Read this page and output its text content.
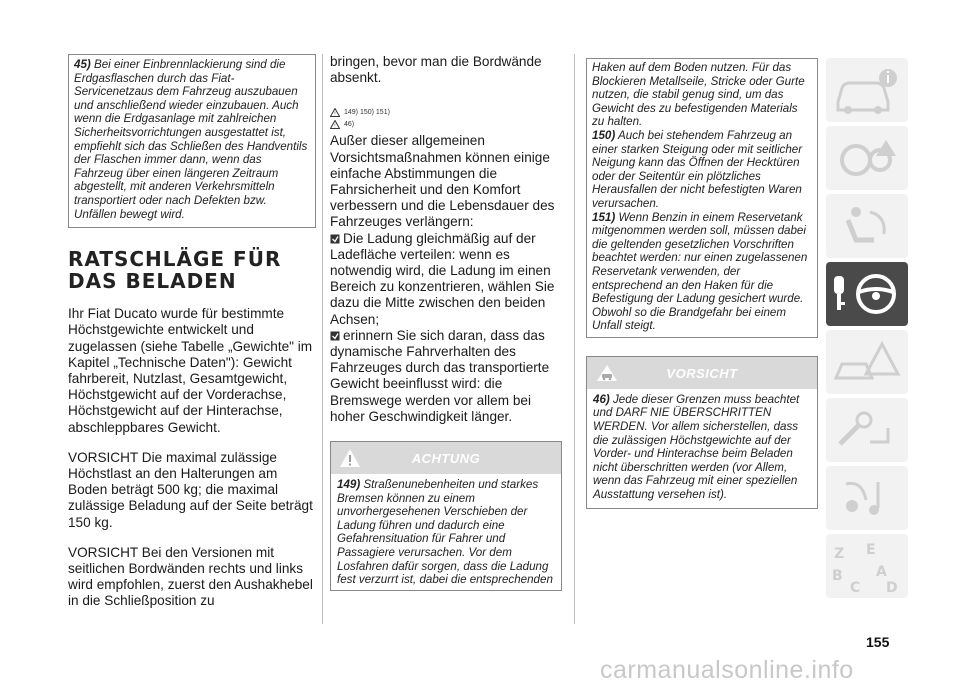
45) Bei einer Einbrennlackierung sind die Erdgasflaschen durch das Fiat-Servicenetzaus dem Fahrzeug auszubauen und anschließend wieder einzubauen. Auch wenn die Erdgasanlage mit zahlreichen Sicherheitsvorrichtungen ausgestattet ist, empfiehlt sich das Schließen des Handventils der Flaschen immer dann, wenn das Fahrzeug über einen längeren Zeitraum abgestellt, mit anderen Verkehrsmitteln transportiert oder nach Defekten bzw. Unfällen bewegt wird.
RATSCHLÄGE FÜR
DAS BELADEN
Ihr Fiat Ducato wurde für bestimmte Höchstgewichte entwickelt und zugelassen (siehe Tabelle „Gewichte" im Kapitel „Technische Daten"): Gewicht fahrbereit, Nutzlast, Gesamtgewicht, Höchstgewicht auf der Vorderachse, Höchstgewicht auf der Hinterachse, abschleppbares Gewicht.
VORSICHT Die maximal zulässige Höchstlast an den Halterungen am Boden beträgt 500 kg; die maximal zulässige Beladung auf der Seite beträgt 150 kg.
VORSICHT Bei den Versionen mit seitlichen Bordwänden rechts und links wird empfohlen, zuerst den Aushakhebel in die Schließposition zu
bringen, bevor man die Bordwände absenkt.
! 149) 150) 151)
! 46)
Außer dieser allgemeinen Vorsichtsmaßnahmen können einige einfache Abstimmungen die Fahrsicherheit und den Komfort verbessern und die Lebensdauer des Fahrzeuges verlängern:
Die Ladung gleichmäßig auf der Ladefläche verteilen: wenn es notwendig wird, die Ladung im einen Bereich zu konzentrieren, wählen Sie dazu die Mitte zwischen den beiden Achsen;
erinnern Sie sich daran, dass das dynamische Fahrverhalten des Fahrzeuges durch das transportierte Gewicht beeinflusst wird: die Bremswege werden vor allem bei hoher Geschwindigkeit länger.
ACHTUNG
149) Straßenunebenheiten und starkes Bremsen können zu einem unvorhergesehenen Verschieben der Ladung führen und dadurch eine Gefahrensituation für Fahrer und Passagiere verursachen. Vor dem Losfahren dafür sorgen, dass die Ladung fest verzurrt ist, dabei die entsprechenden
Haken auf dem Boden nutzen. Für das Blockieren Metallseile, Stricke oder Gurte nutzen, die stabil genug sind, um das Gewicht des zu befestigenden Materials zu halten.
150) Auch bei stehendem Fahrzeug an einer starken Steigung oder mit seitlicher Neigung kann das Öffnen der Hecktüren oder der Seitentür ein plötzliches Herausfallen der nicht befestigten Waren verursachen.
151) Wenn Benzin in einem Reservetank mitgenommen werden soll, müssen dabei die geltenden gesetzlichen Vorschriften beachtet werden: nur einen zugelassenen Reservetank verwenden, der entsprechend an den Haken für die Befestigung der Ladung gesichert wurde. Obwohl so die Brandgefahr bei einem Unfall steigt.
VORSICHT
46) Jede dieser Grenzen muss beachtet und DARF NIE ÜBERSCHRITTEN WERDEN. Vor allem sicherstellen, dass die zulässigen Höchstgewichte auf der Vorder- und Hinterachse beim Beladen nicht überschritten werden (vor Allem, wenn das Fahrzeug mit einer speziellen Ausstattung versehen ist).
Z E
B A
C D
155
carmanualsonline.info
